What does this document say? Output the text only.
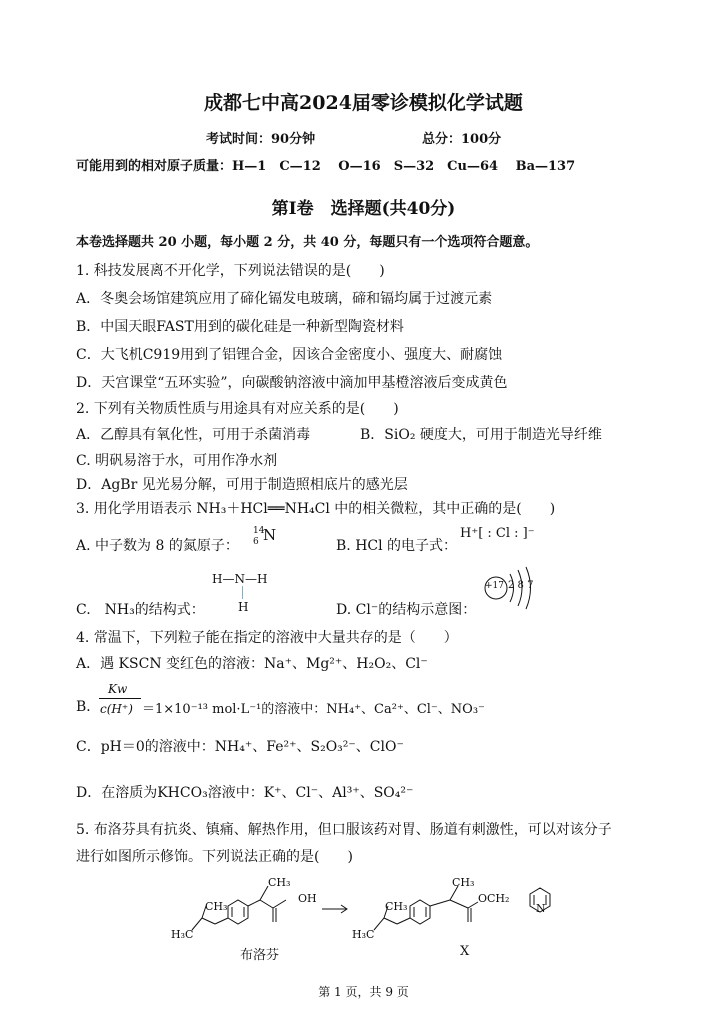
成都七中高2024届零诊模拟化学试题
考试时间：90分钟	总分：100分
可能用到的相对原子质量：H—1　C—12　 O—16　S—32　Cu—64　 Ba—137
第Ⅰ卷　选择题(共40分)
本卷选择题共 20 小题，每小题 2 分，共 40 分，每题只有一个选项符合题意。
1. 科技发展离不开化学，下列说法错误的是(　　)
A．冬奥会场馆建筑应用了碲化镉发电玻璃，碲和镉均属于过渡元素
B．中国天眼FAST用到的碳化硅是一种新型陶瓷材料
C．大飞机C919用到了铝锂合金，因该合金密度小、强度大、耐腐蚀
D．天宫课堂“五环实验”，向碳酸钠溶液中滴加甲基橙溶液后变成黄色
2. 下列有关物质性质与用途具有对应关系的是(　　)
A．乙醇具有氧化性，可用于杀菌消毒	B．SiO₂ 硬度大，可用于制造光导纤维
C. 明矾易溶于水，可用作净水剂
D．AgBr 见光易分解，可用于制造照相底片的感光层
3. 用化学用语表示 NH₃＋HCl══NH₄Cl 中的相关微粒，其中正确的是(　　)
A. 中子数为 8 的氮原子：
14
6 N
B. HCl 的电子式：
H⁺[ : Cl : ]⁻
H—N—H
H
C.　NH₃的结构式：	D. Cl⁻的结构示意图：
+17 2 8 7
4. 常温下，下列粒子能在指定的溶液中大量共存的是（　　）
A．遇 KSCN 变红色的溶液：Na⁺、Mg²⁺、H₂O₂、Cl⁻
B．
Kw
c(H⁺) ＝1×10⁻¹³ mol·L⁻¹的溶液中：NH₄⁺、Ca²⁺、Cl⁻、NO₃⁻
C．pH＝0的溶液中：NH₄⁺、Fe²⁺、S₂O₃²⁻、ClO⁻
D．在溶质为KHCO₃溶液中：K⁺、Cl⁻、Al³⁺、SO₄²⁻
5. 布洛芬具有抗炎、镇痛、解热作用，但口服该药对胃、肠道有刺激性，可以对该分子
进行如图所示修饰。下列说法正确的是(　　)
CH₃
CH₃
OH
H₃C
布洛芬
CH₃
CH₃
OCH₂
N
H₃C
X
第 1 页，共 9 页
